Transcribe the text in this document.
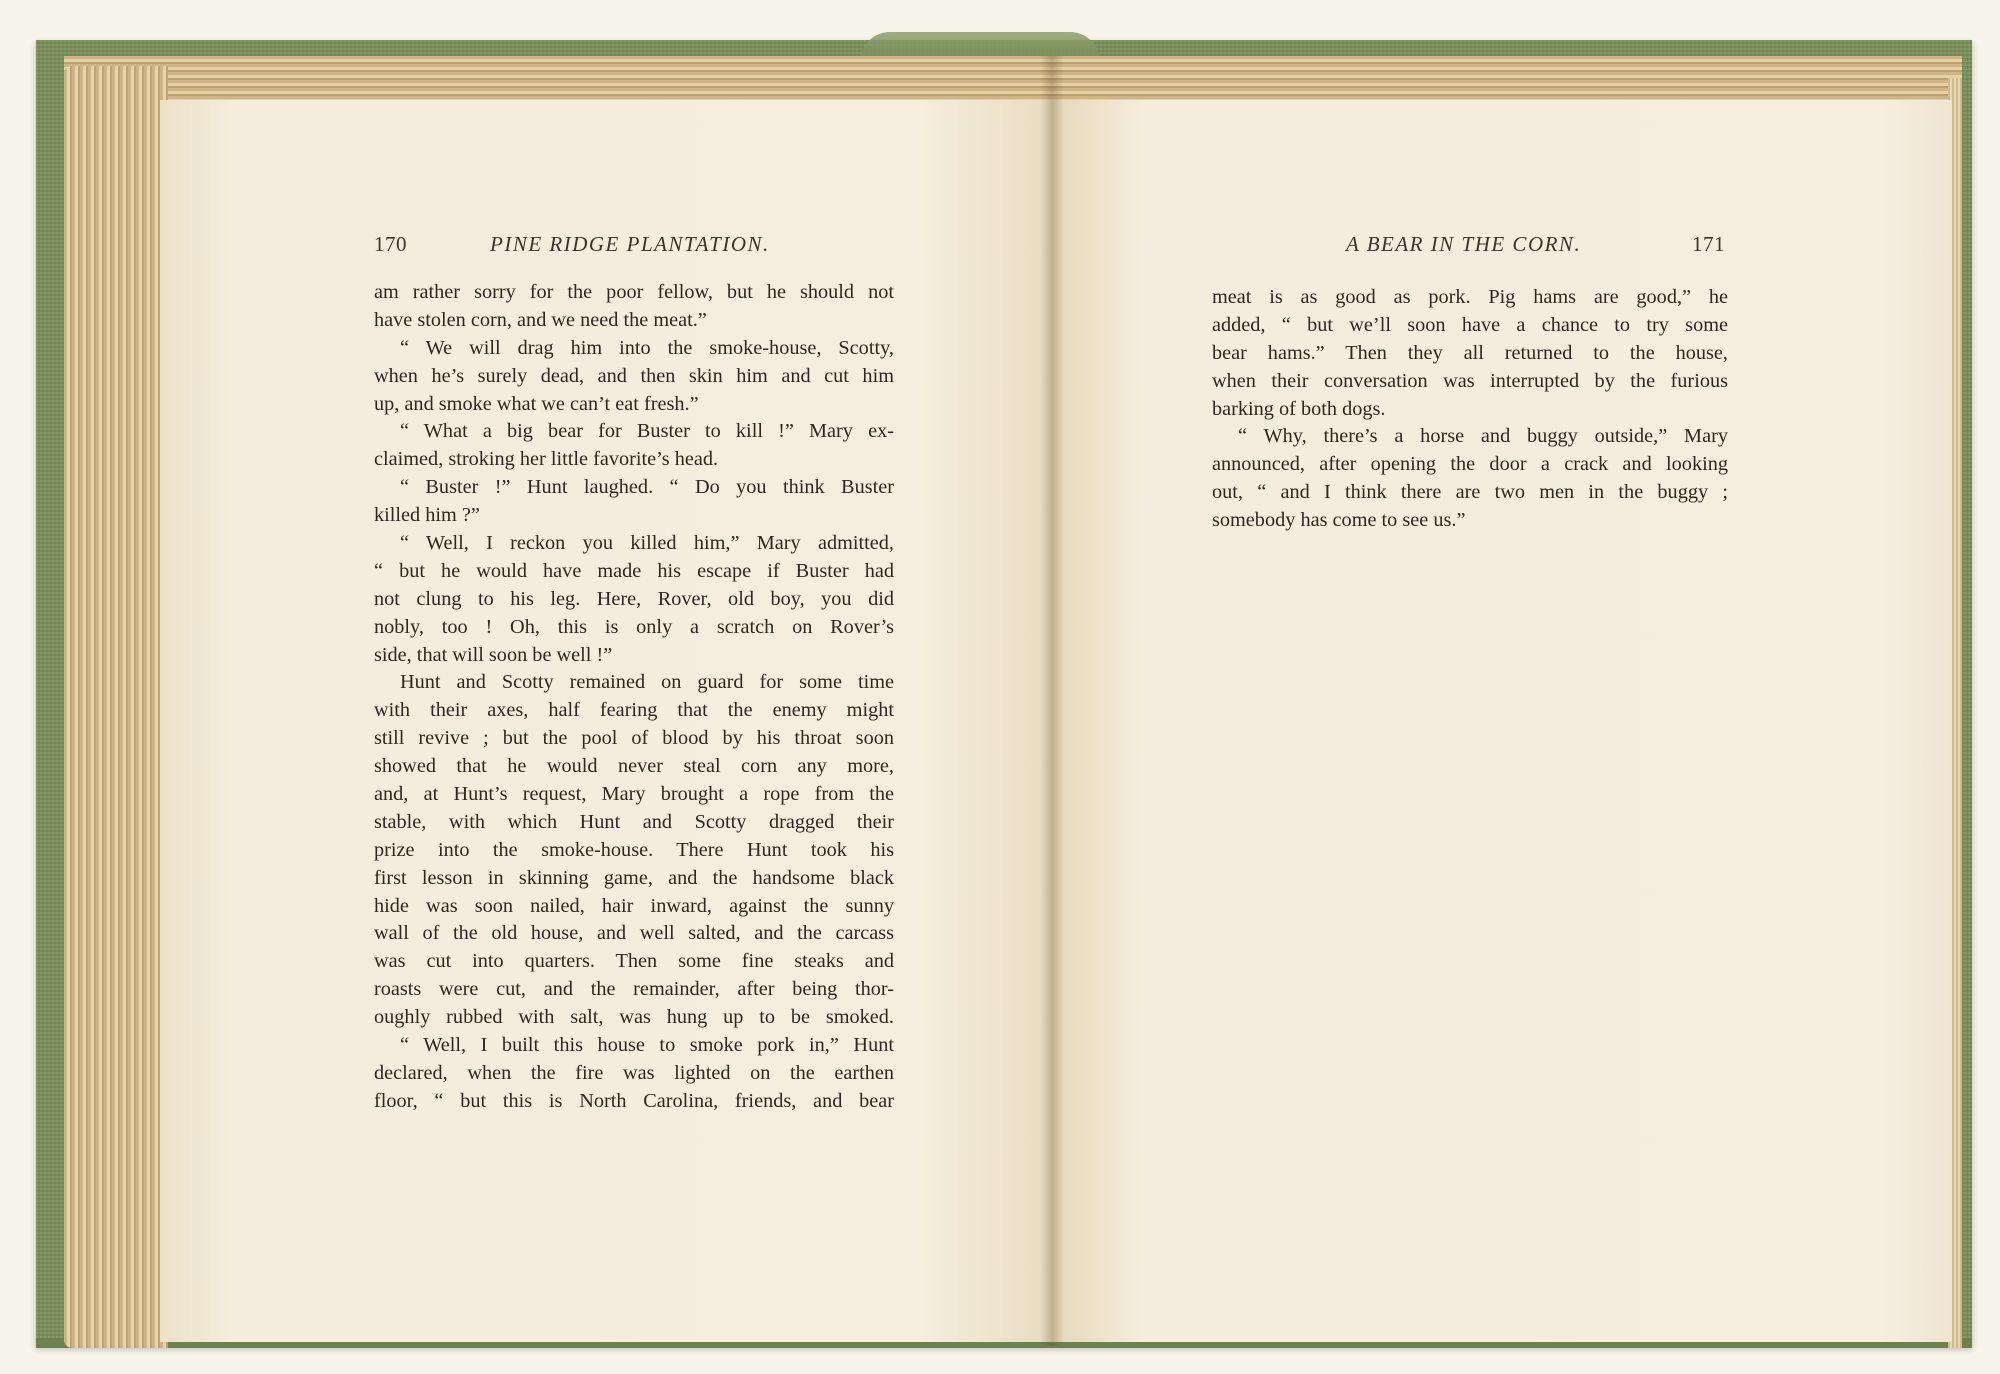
170	PINE RIDGE PLANTATION.	A BEAR IN THE CORN.	171
am rather sorry for the poor fellow, but he should not
have stolen corn, and we need the meat.”
“ We will drag him into the smoke-house, Scotty,
when he’s surely dead, and then skin him and cut him
up, and smoke what we can’t eat fresh.”
“ What a big bear for Buster to kill !” Mary ex-
claimed, stroking her little favorite’s head.
“ Buster !” Hunt laughed. “ Do you think Buster
killed him ?”
“ Well, I reckon you killed him,” Mary admitted,
“ but he would have made his escape if Buster had
not clung to his leg. Here, Rover, old boy, you did
nobly, too ! Oh, this is only a scratch on Rover’s
side, that will soon be well !”
Hunt and Scotty remained on guard for some time
with their axes, half fearing that the enemy might
still revive ; but the pool of blood by his throat soon
showed that he would never steal corn any more,
and, at Hunt’s request, Mary brought a rope from the
stable, with which Hunt and Scotty dragged their
prize into the smoke-house. There Hunt took his
first lesson in skinning game, and the handsome black
hide was soon nailed, hair inward, against the sunny
wall of the old house, and well salted, and the carcass
was cut into quarters. Then some fine steaks and
roasts were cut, and the remainder, after being thor-
oughly rubbed with salt, was hung up to be smoked.
“ Well, I built this house to smoke pork in,” Hunt
declared, when the fire was lighted on the earthen
floor, “ but this is North Carolina, friends, and bear
meat is as good as pork. Pig hams are good,” he
added, “ but we’ll soon have a chance to try some
bear hams.” Then they all returned to the house,
when their conversation was interrupted by the furious
barking of both dogs.
“ Why, there’s a horse and buggy outside,” Mary
announced, after opening the door a crack and looking
out, “ and I think there are two men in the buggy ;
somebody has come to see us.”
